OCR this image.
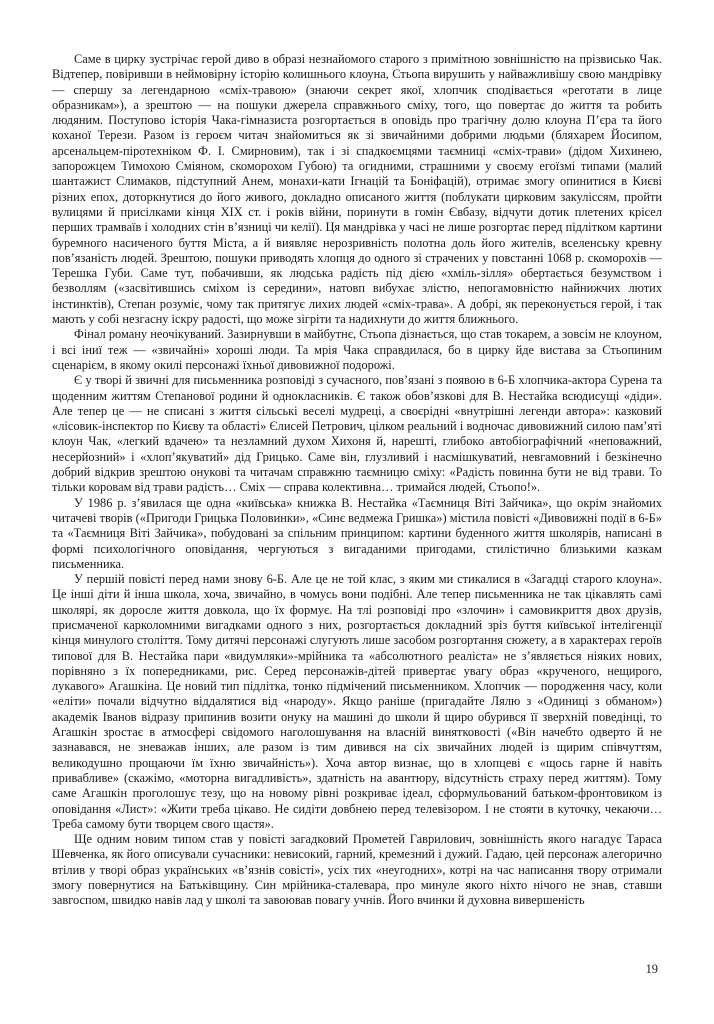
Саме в цирку зустрічає герой диво в образі незнайомого старого з примітною зовнішністю на прізвисько Чак. Відтепер, повіривши в неймовірну історію колишнього клоуна, Стьопа вирушить у найважливішу свою мандрівку — спершу за легендарною «сміх-травою» (знаючи секрет якої, хлопчик сподівається «реготати в лице образникам»), а зрештою — на пошуки джерела справжнього сміху, того, що повертає до життя та робить людяним. Поступово історія Чака-гімназиста розгортається в оповідь про трагічну долю клоуна П’єра та його коханої Терези. Разом із героєм читач знайомиться як зі звичайними добрими людьми (бляхарем Йосипом, арсенальцем-піротехніком Ф. І. Смирновим), так і зі спадкоємцями таємниці «сміх-трави» (дідом Хихинею, запорожцем Тимохою Сміяном, скоморохом Губою) та огидними, страшними у своєму егоїзмі типами (малий шантажист Слимаков, підступний Анем, монахи-кати Ігнацій та Боніфацій), отримає змогу опинитися в Києві різних епох, доторкнутися до його живого, докладно описаного життя (поблукати цирковим закуліссям, пройти вулицями й присілками кінця ХІХ ст. і років війни, поринути в гомін Євбазу, відчути дотик плетених крісел перших трамваїв і холодних стін в’язниці чи келії). Ця мандрівка у часі не лише розгортає перед підлітком картини буремного насиченого буття Міста, а й виявляє нерозривність полотна доль його жителів, вселенську кревну пов’язаність людей. Зрештою, пошуки приводять хлопця до одного зі страчених у повстанні 1068 р. скоморохів — Терешка Губи. Саме тут, побачивши, як людська радість під дією «хміль-зілля» обертається безумством і безволлям («засвітившись сміхом із середини», натовп вибухає злістю, непогамовністю найнижчих лютих інстинктів), Степан розуміє, чому так притягує лихих людей «сміх-трава». А добрі, як переконується герой, і так мають у собі незгасну іскру радості, що може зігріти та надихнути до життя ближнього.

Фінал роману неочікуваний. Зазирнувши в майбутнє, Стьопа дізнається, що став токарем, а зовсім не клоуном, і всі іниї теж — «звичайні» хороші люди. Та мрія Чака справдилася, бо в цирку йде вистава за Стьопиним сценарієм, в якому окилі персонажі їхньої дивовижної подорожі.

Є у творі й звичні для письменника розповіді з сучасного, пов’язані з появою в 6-Б хлопчика-актора Сурена та щоденним життям Степанової родини й однокласників. Є також обов’язкові для В. Нестайка всюдисущі «діди». Але тепер це — не списані з життя сільські веселі мудреці, а своєрідні «внутрішні легенди автора»: казковий «лісовик-інспектор по Києву та області» Єлисей Петрович, цілком реальний і водночас дивовижний силою пам’яті клоун Чак, «легкий вдачею» та незламний духом Хихоня й, нарешті, глибоко автобіографічний «неповажний, несерйозний» і «хлоп’якуватий» дід Грицько. Саме він, глузливий і насмішкуватий, невгамовний і безкінечно добрий відкрив зрештою онукові та читачам справжню таємницю сміху: «Радість повинна бути не від трави. То тільки коровам від трави радість… Сміх — справа колективна… тримайся людей, Стьопо!».

У 1986 р. з’явилася ще одна «київська» книжка В. Нестайка «Таємниця Віті Зайчика», що окрім знайомих читачеві творів («Пригоди Грицька Половинки», «Синє ведмежа Гришка») містила повісті «Дивовижні події в 6-Б» та «Таємниця Віті Зайчика», побудовані за спільним принципом: картини буденного життя школярів, написані в формі психологічного оповідання, чергуються з вигаданими пригодами, стилістично близькими казкам письменника.

У першій повісті перед нами знову 6-Б. Але це не той клас, з яким ми стикалися в «Загадці старого клоуна». Це інші діти й інша школа, хоча, звичайно, в чомусь вони подібні. Але тепер письменника не так цікавлять самі школярі, як доросле життя довкола, що їх формує. На тлі розповіді про «злочин» і самовикриття двох друзів, присмаченої карколомними вигадками одного з них, розгортається докладний зріз буття київської інтелігенції кінця минулого століття. Тому дитячі персонажі слугують лише засобом розгортання сюжету, а в характерах героїв типової для В. Нестайка пари «видумляки»-мрійника та «абсолютного реаліста» не з’являється ніяких нових, порівняно з їх попередниками, рис. Серед персонажів-дітей привертає увагу образ «крученого, нещирого, лукавого» Агашкіна. Це новий тип підлітка, тонко підмічений письменником. Хлопчик — породження часу, коли «еліти» почали відчутно віддалятися від «народу». Якщо раніше (пригадайте Лялю з «Одиниці з обманом») академік Іванов відразу припинив возити онуку на машині до школи й щиро обурився її зверхній поведінці, то Агашкін зростає в атмосфері свідомого наголошування на власній винятковості («Він начебто одверто й не зазнавався, не зневажав інших, але разом із тим дивився на сіх звичайних людей із щирим співчуттям, великодушно прощаючи їм їхню звичайність»). Хоча автор визнає, що в хлопцеві є «щось гарне й навіть привабливе» (скажімо, «моторна вигадливість», здатність на авантюру, відсутність страху перед життям). Тому саме Агашкін проголошує тезу, що на новому рівні розкриває ідеал, сформульований батьком-фронтовиком із оповідання «Лист»: «Жити треба цікаво. Не сидіти довбнею перед телевізором. І не стояти в куточку, чекаючи… Треба самому бути творцем свого щастя».

Ще одним новим типом став у повісті загадковий Прометей Гаврилович, зовнішність якого нагадує Тараса Шевченка, як його описували сучасники: невисокий, гарний, кремезний і дужий. Гадаю, цей персонаж алегорично втілив у творі образ українських «в’язнів совісті», усіх тих «неугодних», котрі на час написання твору отримали змогу повернутися на Батьківщину. Син мрійника-сталевара, про минуле якого ніхто нічого не знав, ставши завгоспом, швидко навів лад у школі та завоював повагу учнів. Його вчинки й духовна вивершеність

19
